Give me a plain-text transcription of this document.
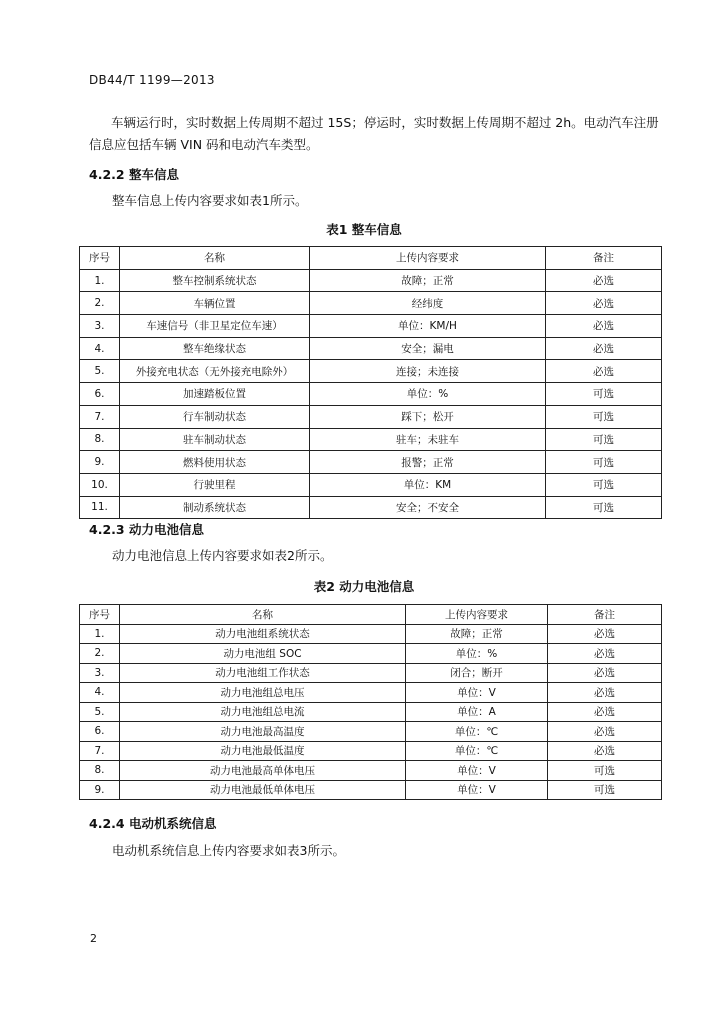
DB44/T 1199—2013
车辆运行时，实时数据上传周期不超过 15S；停运时，实时数据上传周期不超过 2h。电动汽车注册信息应包括车辆 VIN 码和电动汽车类型。
4.2.2 整车信息
整车信息上传内容要求如表1所示。
表1 整车信息
序号	名称	上传内容要求	备注
1.	整车控制系统状态	故障；正常	必选
2.	车辆位置	经纬度	必选
3.	车速信号（非卫星定位车速）	单位：KM/H	必选
4.	整车绝缘状态	安全；漏电	必选
5.	外接充电状态（无外接充电除外）	连接；未连接	必选
6.	加速踏板位置	单位：%	可选
7.	行车制动状态	踩下；松开	可选
8.	驻车制动状态	驻车；未驻车	可选
9.	燃料使用状态	报警；正常	可选
10.	行驶里程	单位：KM	可选
11.	制动系统状态	安全；不安全	可选
4.2.3 动力电池信息
动力电池信息上传内容要求如表2所示。
表2 动力电池信息
序号	名称	上传内容要求	备注
1.	动力电池组系统状态	故障；正常	必选
2.	动力电池组 SOC	单位：%	必选
3.	动力电池组工作状态	闭合；断开	必选
4.	动力电池组总电压	单位：V	必选
5.	动力电池组总电流	单位：A	必选
6.	动力电池最高温度	单位：℃	必选
7.	动力电池最低温度	单位：℃	必选
8.	动力电池最高单体电压	单位：V	可选
9.	动力电池最低单体电压	单位：V	可选
4.2.4 电动机系统信息
电动机系统信息上传内容要求如表3所示。
2
